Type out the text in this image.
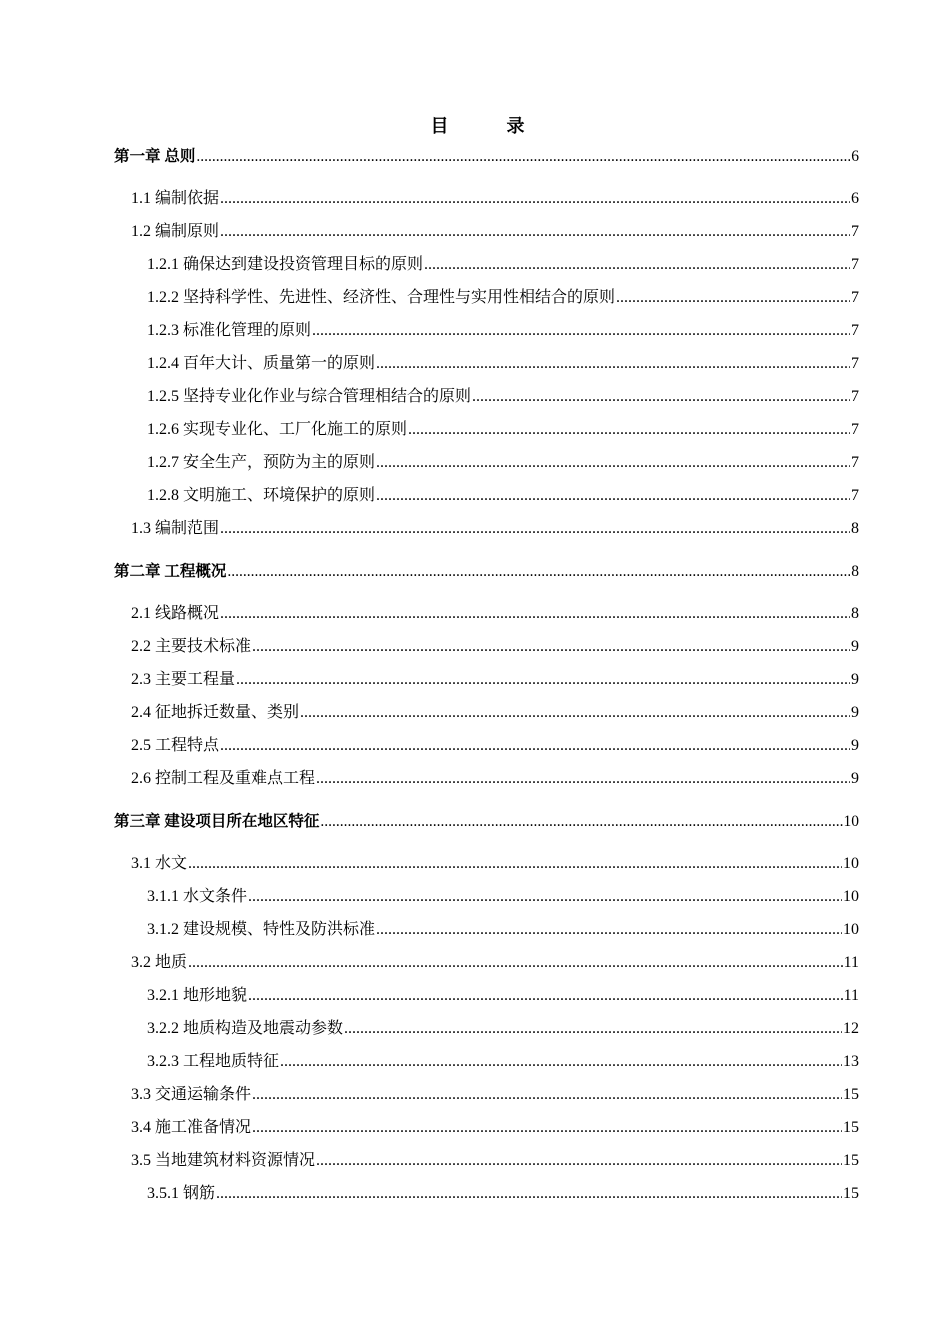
目　录
第一章 总则 .....	6
1.1 编制依据 .....	6
1.2 编制原则 .....	7
1.2.1 确保达到建设投资管理目标的原则 .....	7
1.2.2 坚持科学性、先进性、经济性、合理性与实用性相结合的原则 .....	7
1.2.3 标准化管理的原则 .....	7
1.2.4 百年大计、质量第一的原则 .....	7
1.2.5 坚持专业化作业与综合管理相结合的原则 .....	7
1.2.6 实现专业化、工厂化施工的原则 .....	7
1.2.7 安全生产，预防为主的原则 .....	7
1.2.8 文明施工、环境保护的原则 .....	7
1.3 编制范围 .....	8
第二章 工程概况 .....	8
2.1 线路概况 .....	8
2.2 主要技术标准 .....	9
2.3 主要工程量 .....	9
2.4 征地拆迁数量、类别 .....	9
2.5 工程特点 .....	9
2.6 控制工程及重难点工程 .....	9
第三章 建设项目所在地区特征 .....	10
3.1 水文 .....	10
3.1.1 水文条件 .....	10
3.1.2 建设规模、特性及防洪标准 .....	10
3.2 地质 .....	11
3.2.1 地形地貌 .....	11
3.2.2 地质构造及地震动参数 .....	12
3.2.3 工程地质特征 .....	13
3.3 交通运输条件 .....	15
3.4 施工准备情况 .....	15
3.5 当地建筑材料资源情况 .....	15
3.5.1 钢筋 .....	15
